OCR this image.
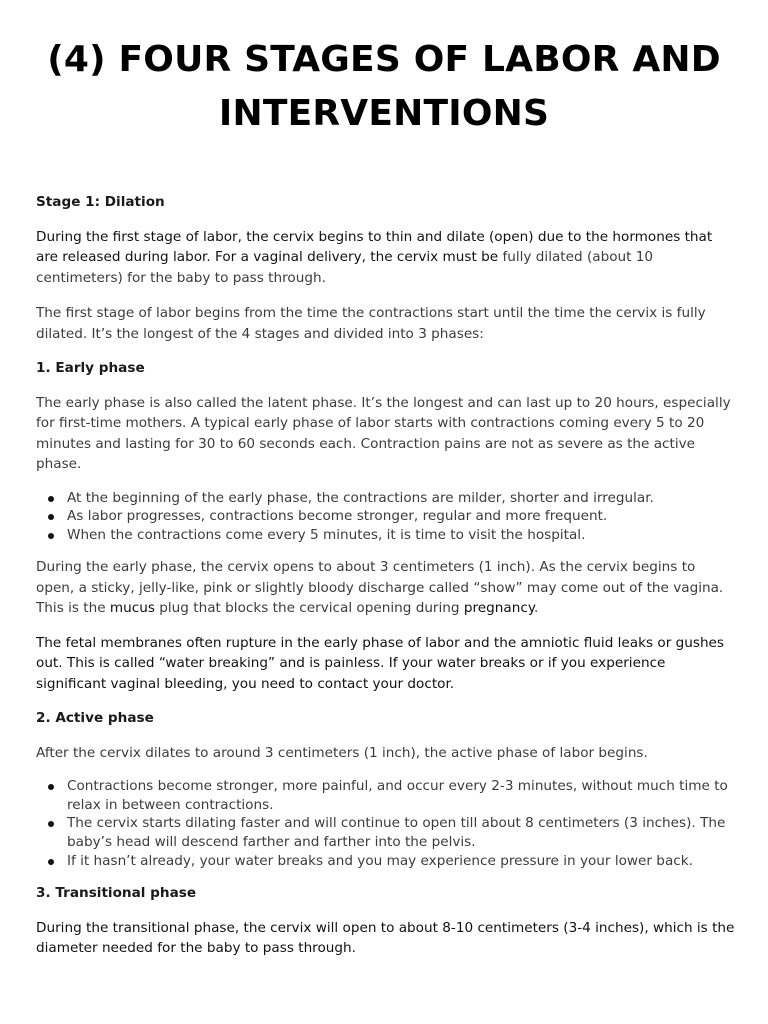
(4) FOUR STAGES OF LABOR AND INTERVENTIONS

Stage 1: Dilation

During the first stage of labor, the cervix begins to thin and dilate (open) due to the hormones that are released during labor. For a vaginal delivery, the cervix must be fully dilated (about 10 centimeters) for the baby to pass through.

The first stage of labor begins from the time the contractions start until the time the cervix is fully dilated. It’s the longest of the 4 stages and divided into 3 phases:

1. Early phase

The early phase is also called the latent phase. It’s the longest and can last up to 20 hours, especially for first-time mothers. A typical early phase of labor starts with contractions coming every 5 to 20 minutes and lasting for 30 to 60 seconds each. Contraction pains are not as severe as the active phase.

At the beginning of the early phase, the contractions are milder, shorter and irregular.
As labor progresses, contractions become stronger, regular and more frequent.
When the contractions come every 5 minutes, it is time to visit the hospital.

During the early phase, the cervix opens to about 3 centimeters (1 inch). As the cervix begins to open, a sticky, jelly-like, pink or slightly bloody discharge called “show” may come out of the vagina. This is the mucus plug that blocks the cervical opening during pregnancy.

The fetal membranes often rupture in the early phase of labor and the amniotic fluid leaks or gushes out. This is called “water breaking” and is painless. If your water breaks or if you experience significant vaginal bleeding, you need to contact your doctor.

2. Active phase

After the cervix dilates to around 3 centimeters (1 inch), the active phase of labor begins.

Contractions become stronger, more painful, and occur every 2-3 minutes, without much time to relax in between contractions.
The cervix starts dilating faster and will continue to open till about 8 centimeters (3 inches). The baby’s head will descend farther and farther into the pelvis.
If it hasn’t already, your water breaks and you may experience pressure in your lower back.

3. Transitional phase

During the transitional phase, the cervix will open to about 8-10 centimeters (3-4 inches), which is the diameter needed for the baby to pass through.
